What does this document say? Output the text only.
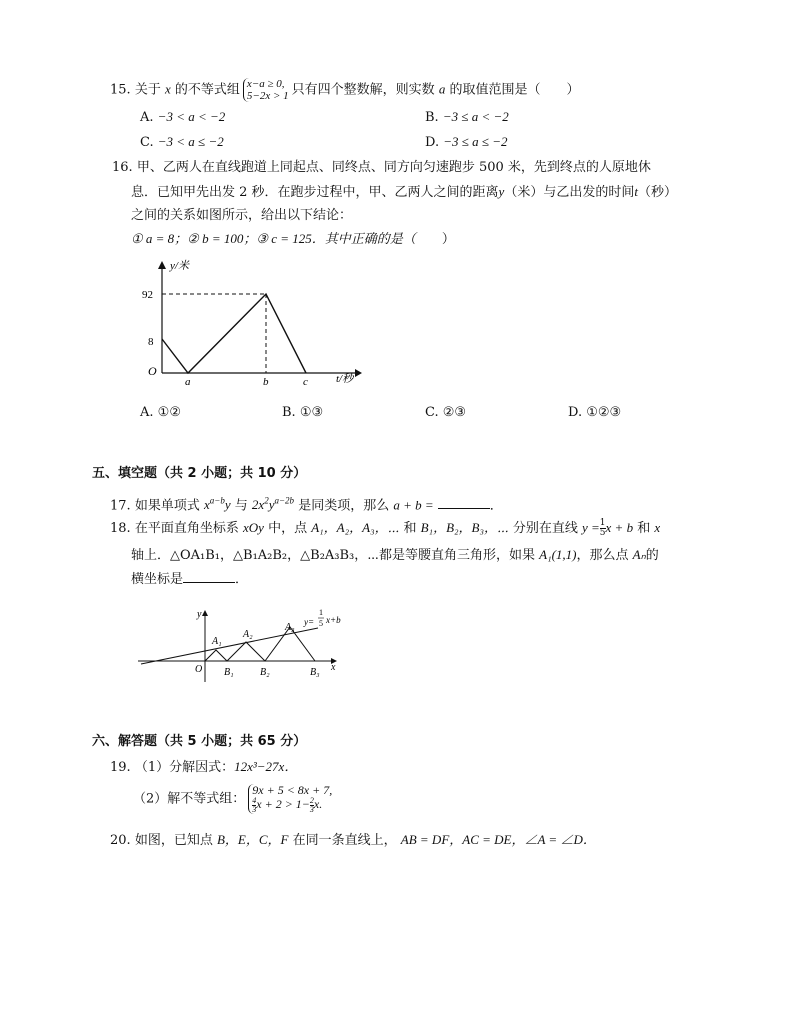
15. 关于 x 的不等式组 x−a ≥ 0,
5−2x > 1 只有四个整数解，则实数 a 的取值范围是（ ）
A. −3 < a < −2	B. −3 ≤ a < −2
C. −3 < a ≤ −2	D. −3 ≤ a ≤ −2
16. 甲、乙两人在直线跑道上同起点、同终点、同方向匀速跑步 500 米，先到终点的人原地休
息．已知甲先出发 2 秒．在跑步过程中，甲、乙两人之间的距离y（米）与乙出发的时间t（秒）
之间的关系如图所示，给出以下结论：
① a = 8；② b = 100；③ c = 125．其中正确的是（ ）
y/米
t/秒
O
92
8
a	b	c
A. ①②	B. ①③	C. ②③	D. ①②③
五、填空题（共 2 小题；共 10 分）
17. 如果单项式 $x^{a-b}y$ 与 $2x^2y^{a-2b}$ 是同类项，那么 a + b =	．
18. 在平面直角坐标系 xOy 中，点 A₁，A₂，A₃，⋯ 和 B₁，B₂，B₃，⋯ 分别在直线 $y = \frac{1}{5}$ x + b 和 x
轴上．△OA₁B₁，△B₁A₂B₂，△B₂A₃B₃，⋯都是等腰直角三角形，如果 A₁(1,1)，那么点 Aₙ的
横坐标是	．
y
x
O
A₁
A₂
A₃
B₁	B₂	B₃
y=
1
5 x+b
六、解答题（共 5 小题；共 65 分）
19. （1）分解因式：12x³−27x．
（2）解不等式组：9x + 5 < 8x + 7,

$\frac{4}{3}$ $x + 2 > 1- \frac{2}{3} x$.
20. 如图，已知点 B，E，C，F 在同一条直线上， AB = DF，AC = DE，∠A = ∠D．
